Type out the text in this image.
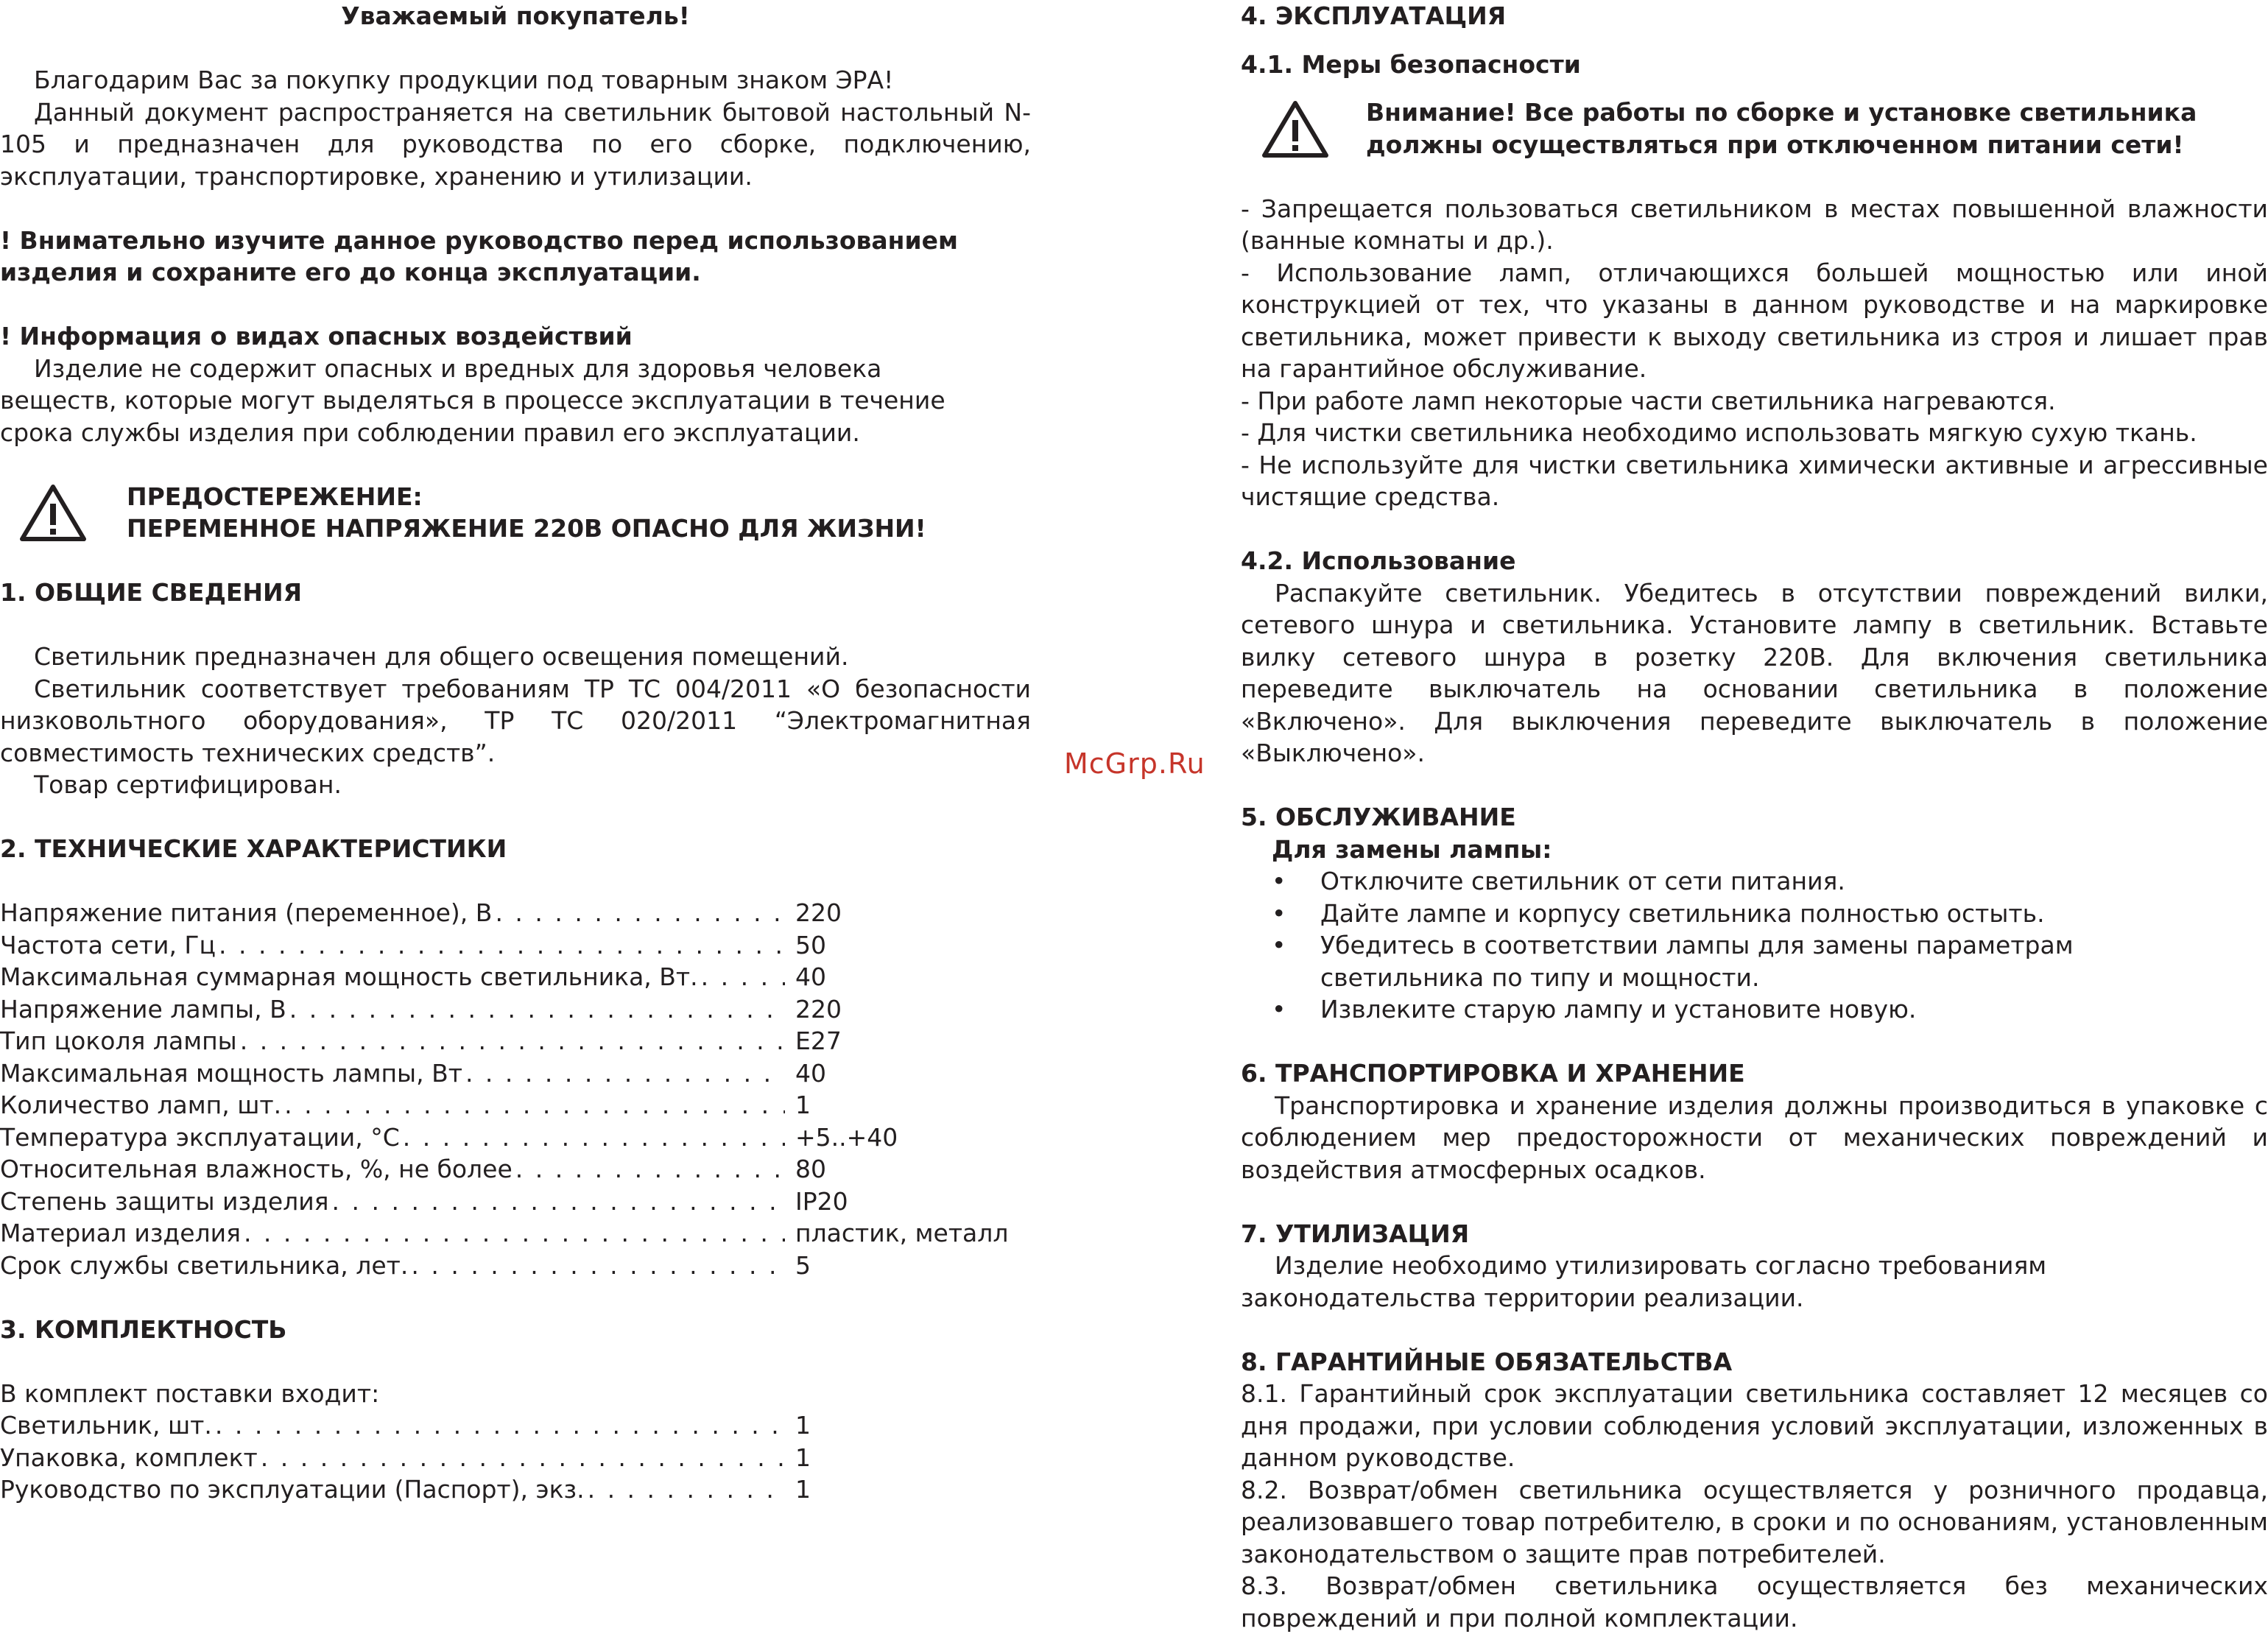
Уважаемый покупатель!

Благодарим Вас за покупку продукции под товарным знаком ЭРА!

Данный документ распространяется на светильник бытовой настольный N-105 и предназначен для руководства по его сборке, подключению, эксплуатации, транспортировке, хранению и утилизации.

! Внимательно изучите данное руководство перед использованием изделия и сохраните его до конца эксплуатации.

! Информация о видах опасных воздействий

Изделие не содержит опасных и вредных для здоровья человека веществ, которые могут выделяться в процессе эксплуатации в течение срока службы изделия при соблюдении правил его эксплуатации.

ПРЕДОСТЕРЕЖЕНИЕ:

ПЕРЕМЕННОЕ НАПРЯЖЕНИЕ 220В ОПАСНО ДЛЯ ЖИЗНИ!

1. ОБЩИЕ СВЕДЕНИЯ

Светильник предназначен для общего освещения помещений.

Светильник соответствует требованиям ТР ТС 004/2011 «О безопасности низковольтного оборудования», ТР ТС 020/2011 “Электромагнитная совместимость технических средств”.

Товар сертифицирован.

2. ТЕХНИЧЕСКИЕ ХАРАКТЕРИСТИКИ

Напряжение питания (переменное), В . . .	220
Частота сети, Гц . . .	50
Максимальная суммарная мощность светильника, Вт. . . .	40
Напряжение лампы, В . . .	220
Тип цоколя лампы . . .	E27
Максимальная мощность лампы, Вт . . .	40
Количество ламп, шт. . . .	1
Температура эксплуатации, °С . . .	+5..+40
Относительная влажность, %, не более . . .	80
Степень защиты изделия . . .	IP20
Материал изделия . . .	пластик, металл
Срок службы светильника, лет. . . .	5

3. КОМПЛЕКТНОСТЬ

В комплект поставки входит:

Светильник, шт. . . .	1
Упаковка, комплект . . .	1
Руководство по эксплуатации (Паспорт), экз. . . .	1
McGrp.Ru

4. ЭКСПЛУАТАЦИЯ

4.1. Меры безопасности

Внимание! Все работы по сборке и установке светильника должны осуществляться при отключенном питании сети!

- Запрещается пользоваться светильником в местах повышенной влажности (ванные комнаты и др.).

- Использование ламп, отличающихся большей мощностью или иной конструкцией от тех, что указаны в данном руководстве и на маркировке светильника, может привести к выходу светильника из строя и лишает прав на гарантийное обслуживание.

- При работе ламп некоторые части светильника нагреваются.

- Для чистки светильника необходимо использовать мягкую сухую ткань.

- Не используйте для чистки светильника химически активные и агрессивные чистящие средства.

4.2. Использование

Распакуйте светильник. Убедитесь в отсутствии повреждений вилки, сетевого шнура и светильника. Установите лампу в светильник. Вставьте вилку сетевого шнура в розетку 220В. Для включения светильника переведите выключатель на основании светильника в положение «Включено». Для выключения переведите выключатель в положение «Выключено».

5. ОБСЛУЖИВАНИЕ

Для замены лампы:

•	Отключите светильник от сети питания.
•	Дайте лампе и корпусу светильника полностью остыть.
•	Убедитесь в соответствии лампы для замены параметрам светильника по типу и мощности.
•	Извлеките старую лампу и установите новую.

6. ТРАНСПОРТИРОВКА И ХРАНЕНИЕ

Транспортировка и хранение изделия должны производиться в упаковке с соблюдением мер предосторожности от механических повреждений и воздействия атмосферных осадков.

7. УТИЛИЗАЦИЯ

Изделие необходимо утилизировать согласно требованиям законодательства территории реализации.

8. ГАРАНТИЙНЫЕ ОБЯЗАТЕЛЬСТВА

8.1. Гарантийный срок эксплуатации светильника составляет 12 месяцев со дня продажи, при условии соблюдения условий эксплуатации, изложенных в данном руководстве.

8.2. Возврат/обмен светильника осуществляется у розничного продавца, реализовавшего товар потребителю, в сроки и по основаниям, установленным законодательством о защите прав потребителей.

8.3. Возврат/обмен светильника осуществляется без механических повреждений и при полной комплектации.
